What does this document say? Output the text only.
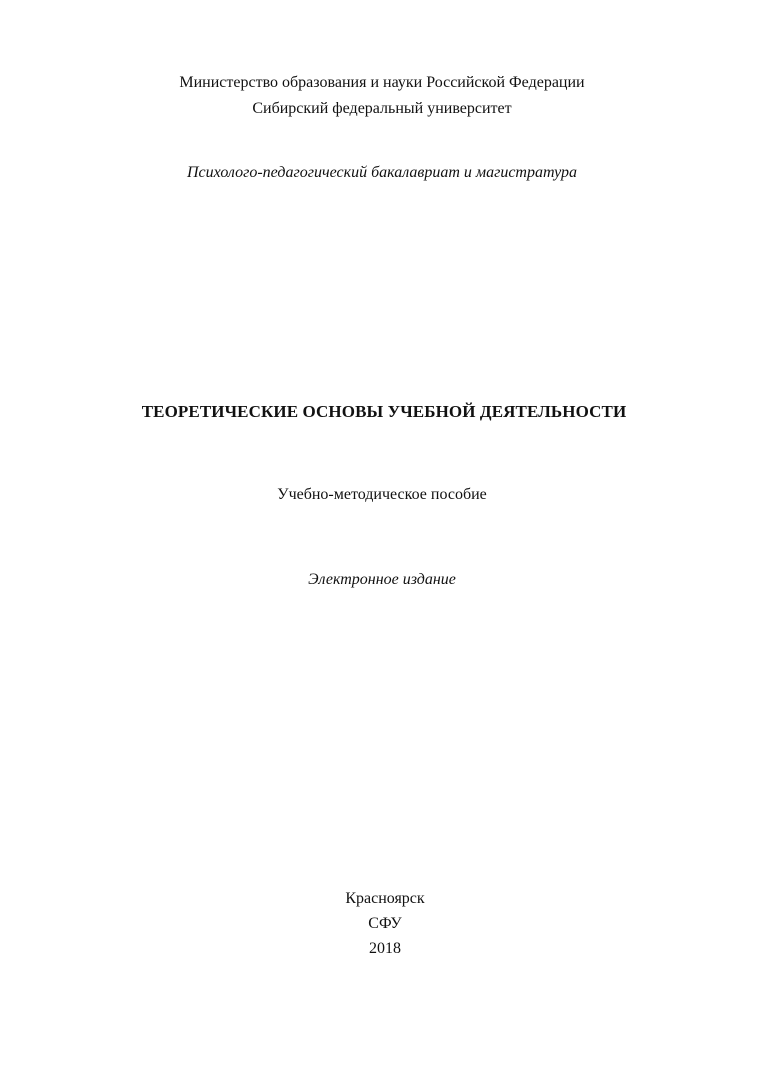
Министерство образования и науки Российской Федерации
Сибирский федеральный университет
Психолого-педагогический бакалавриат и магистратура
ТЕОРЕТИЧЕСКИЕ ОСНОВЫ УЧЕБНОЙ ДЕЯТЕЛЬНОСТИ
Учебно-методическое пособие
Электронное издание
Красноярск
СФУ
2018
